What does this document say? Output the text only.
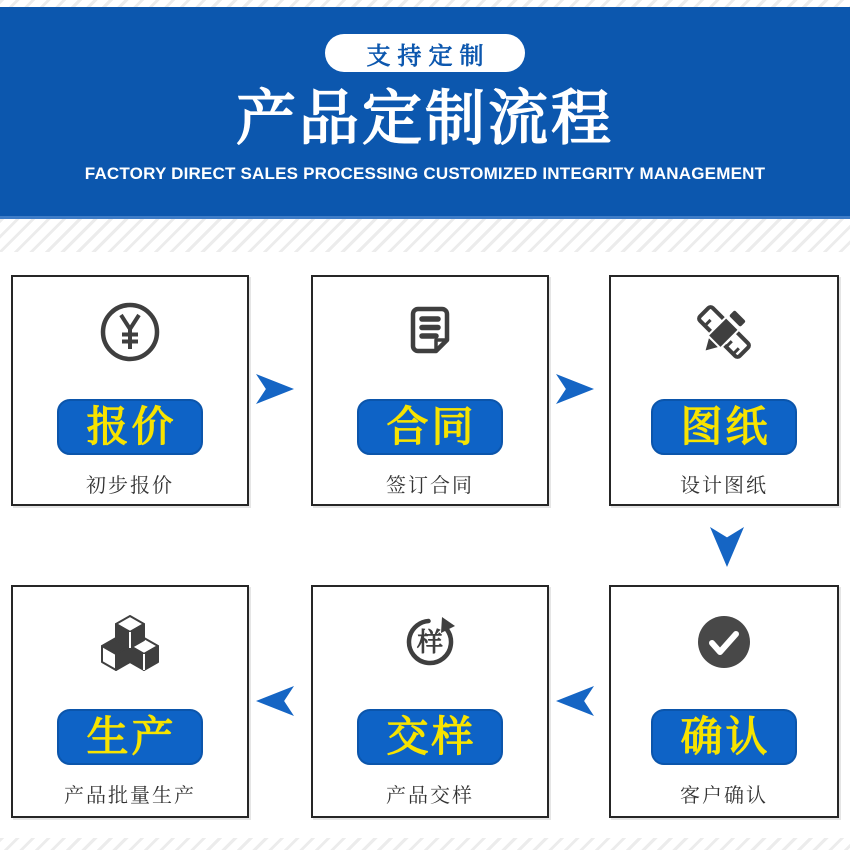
支持定制
产品定制流程
FACTORY DIRECT SALES PROCESSING CUSTOMIZED INTEGRITY MANAGEMENT
报价
初步报价
合同
签订合同
图纸
设计图纸
生产
产品批量生产
样
交样
产品交样
确认
客户确认
